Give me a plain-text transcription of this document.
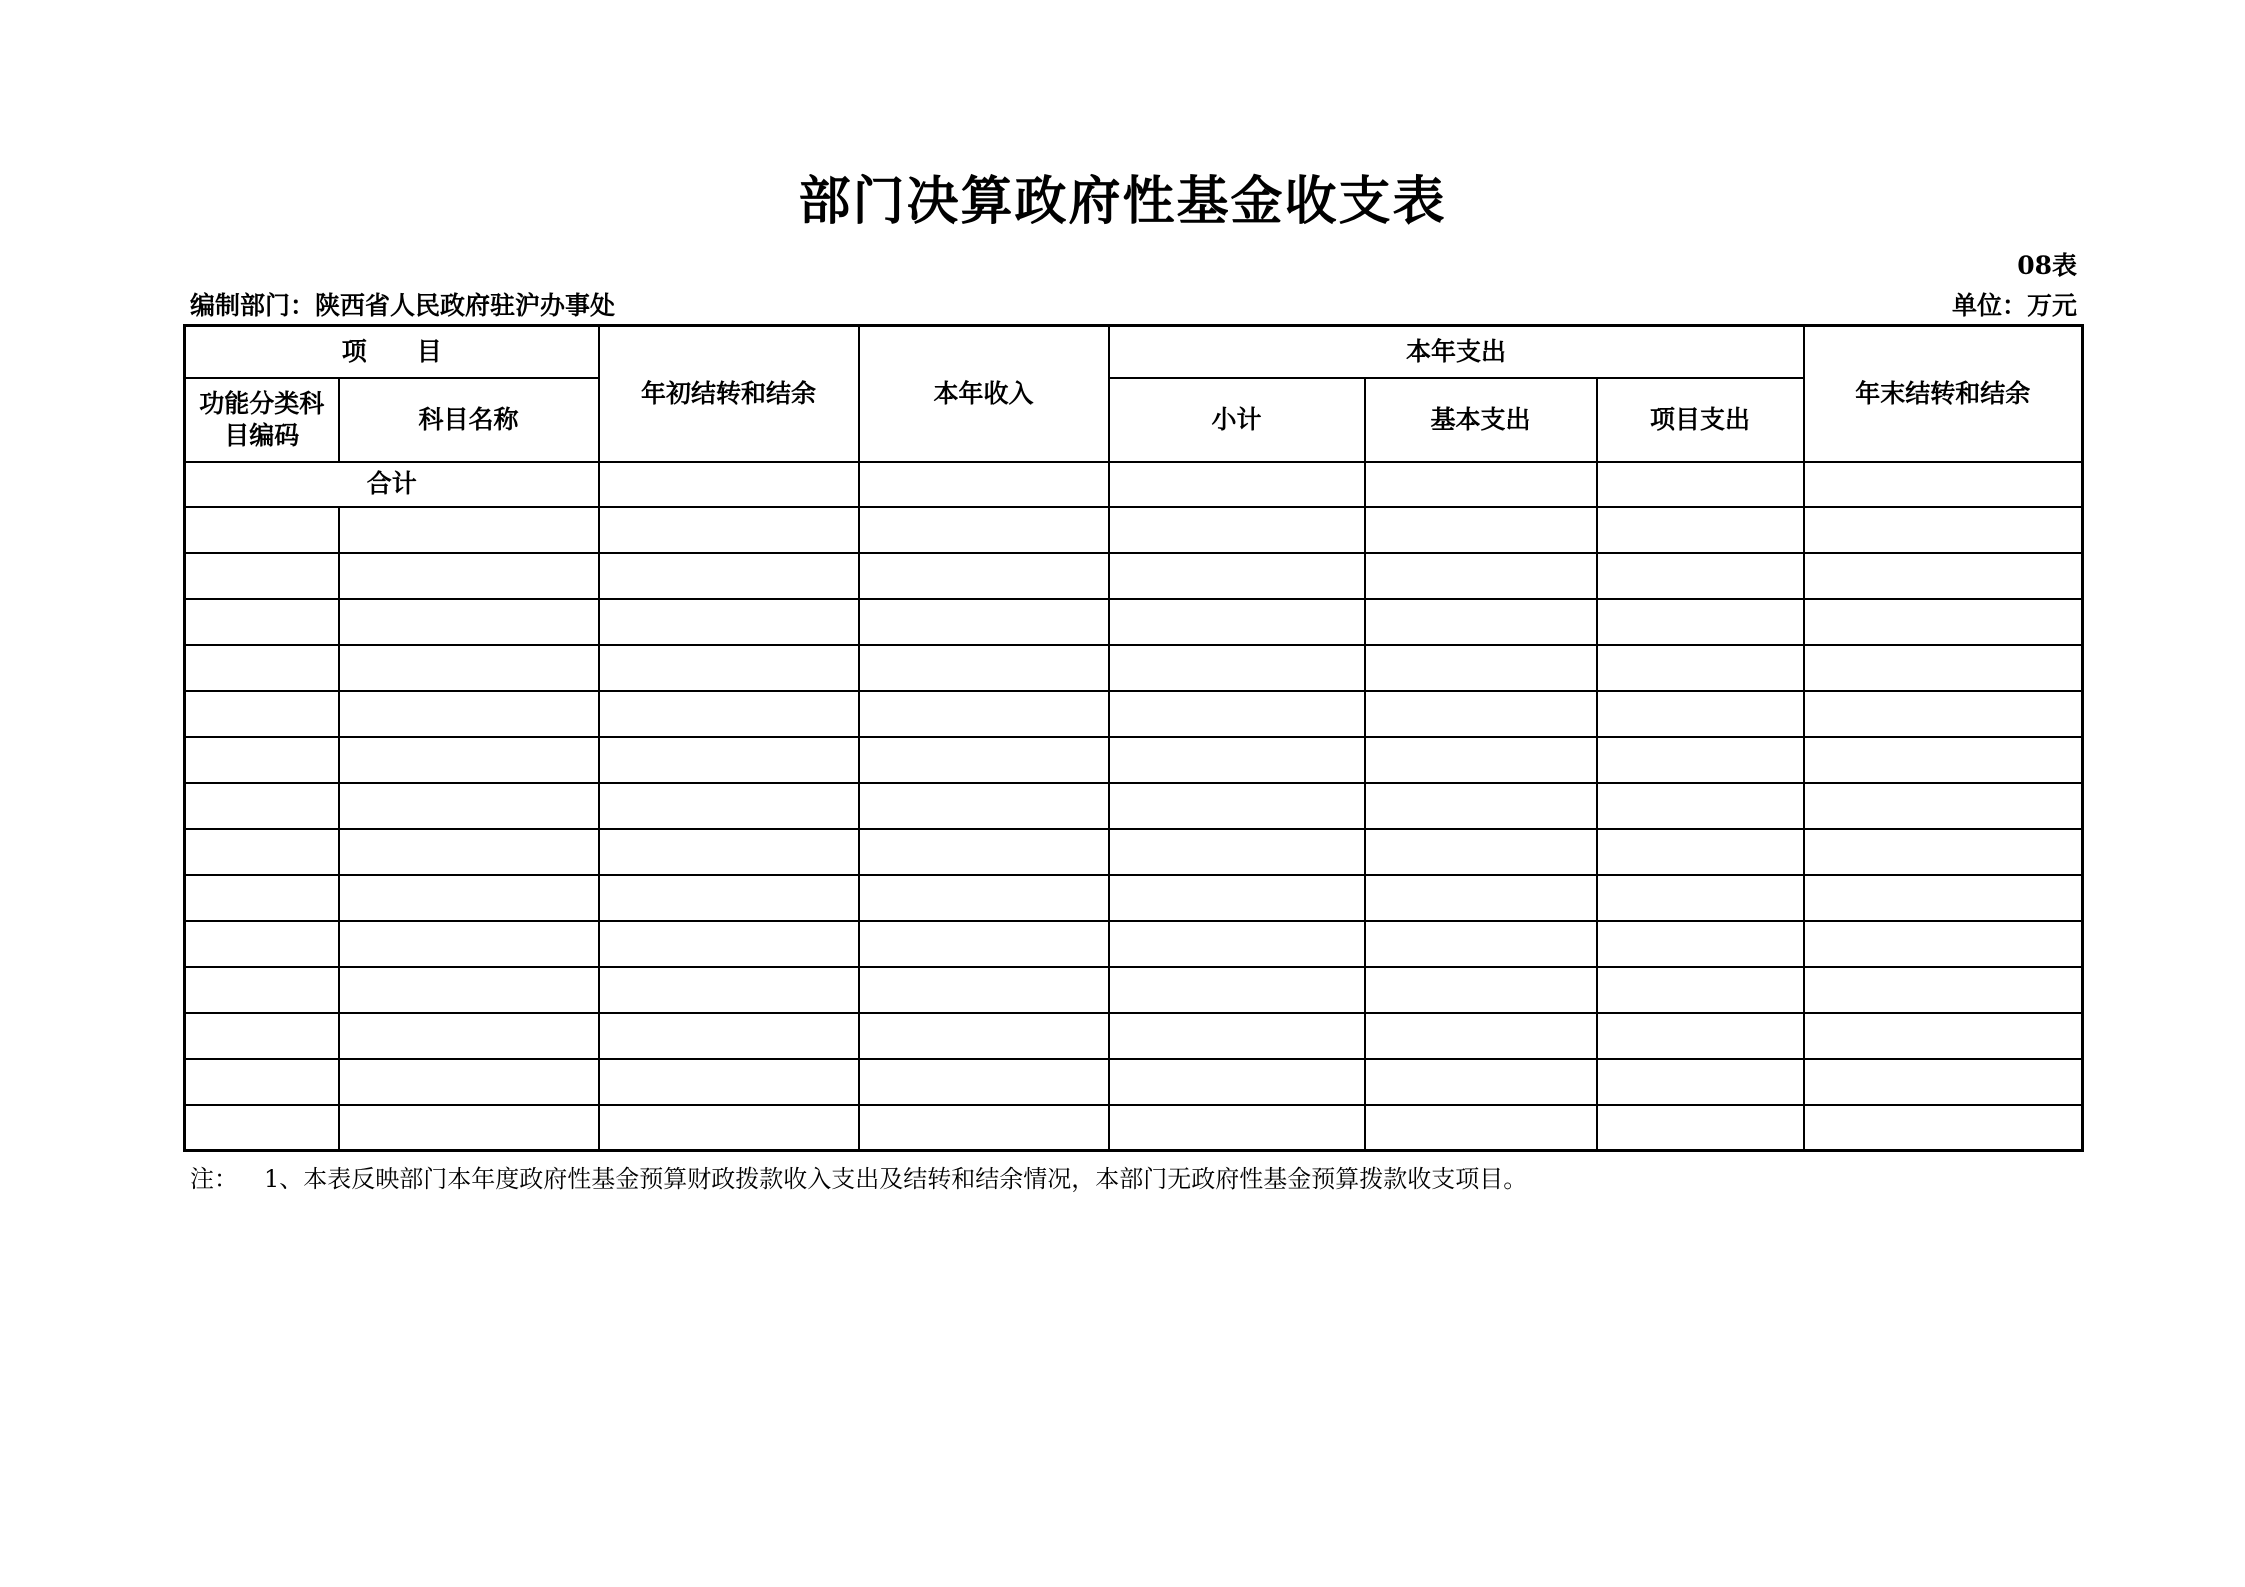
部门决算政府性基金收支表
08表
编制部门：陕西省人民政府驻沪办事处	单位：万元
项　　目		年初结转和结余	本年收入	本年支出			年末结转和结余
功能分类科目编码	科目名称			小计	基本支出	项目支出	
合计							

注： 1、本表反映部门本年度政府性基金预算财政拨款收入支出及结转和结余情况，本部门无政府性基金预算拨款收支项目。
